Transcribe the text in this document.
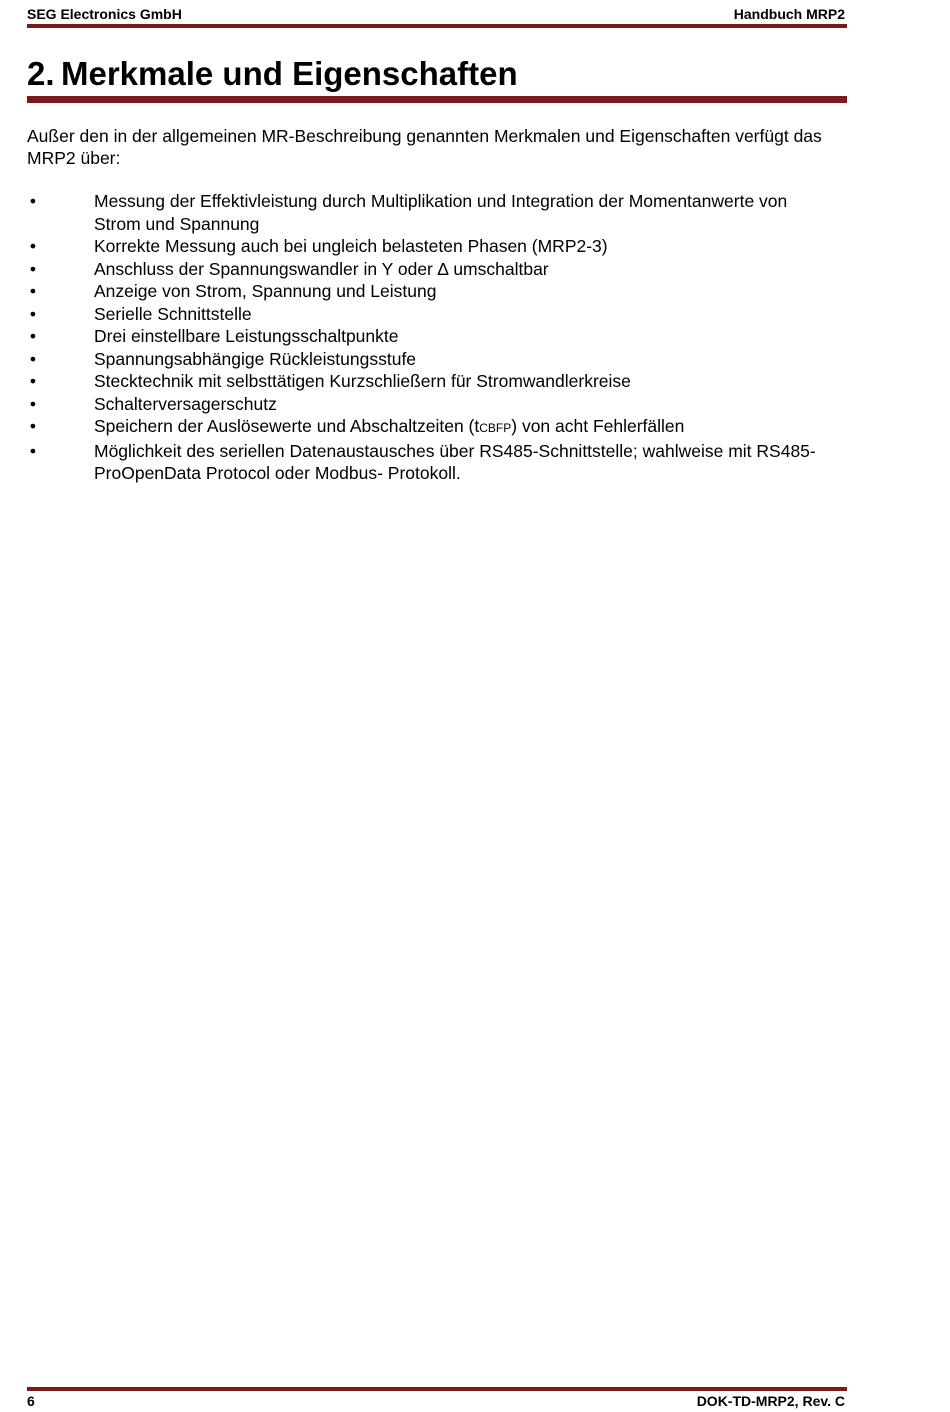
SEG Electronics GmbH	Handbuch MRP2
2. Merkmale und Eigenschaften
Außer den in der allgemeinen MR-Beschreibung genannten Merkmalen und Eigenschaften verfügt das MRP2 über:
•	Messung der Effektivleistung durch Multiplikation und Integration der Momentanwerte von Strom und Spannung
•	Korrekte Messung auch bei ungleich belasteten Phasen (MRP2-3)
•	Anschluss der Spannungswandler in Y oder ∆ umschaltbar
•	Anzeige von Strom, Spannung und Leistung
•	Serielle Schnittstelle
•	Drei einstellbare Leistungsschaltpunkte
•	Spannungsabhängige Rückleistungsstufe
•	Stecktechnik mit selbsttätigen Kurzschließern für Stromwandlerkreise
•	Schalterversagerschutz
•	Speichern der Auslösewerte und Abschaltzeiten (tCBFP) von acht Fehlerfällen
•	Möglichkeit des seriellen Datenaustausches über RS485-Schnittstelle; wahlweise mit RS485-ProOpenData Protocol oder Modbus- Protokoll.
6	DOK-TD-MRP2, Rev. C
